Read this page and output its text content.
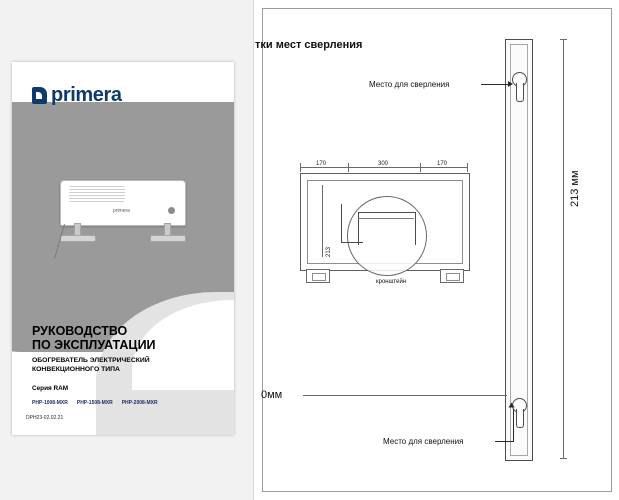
primera
primera
РУКОВОДСТВО
ПО ЭКСПЛУАТАЦИИ
ОБОГРЕВАТЕЛЬ ЭЛЕКТРИЧЕСКИЙ
КОНВЕКЦИОННОГО ТИПА
Серия RAM
PHP-1008-MXR PHP-1508-MXR PHP-2008-MXR
DPH23-02.02.21
тки мест сверления
170	300	170
213
кронштейн
Место для сверления
Место для сверления
213 мм
0мм
